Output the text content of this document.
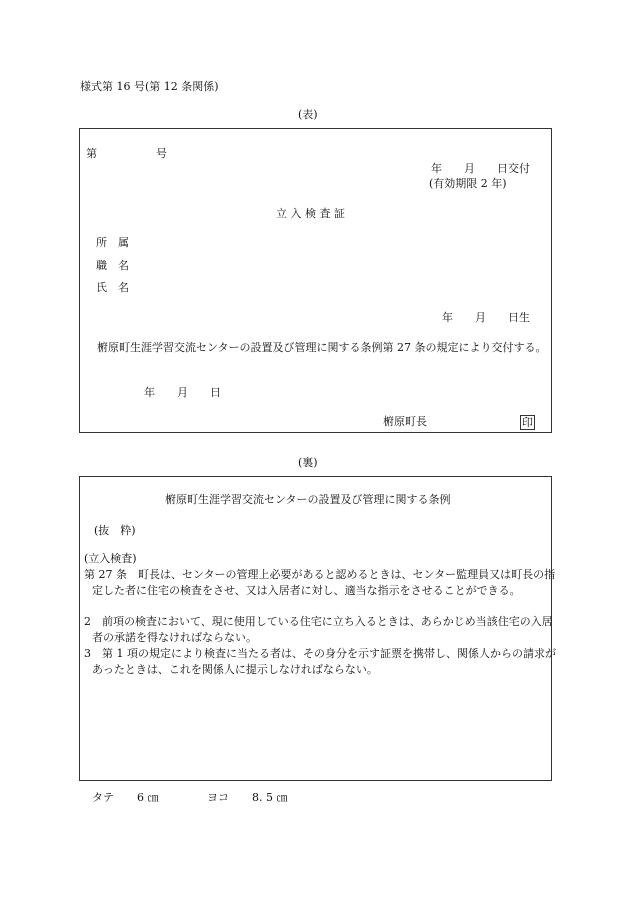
様式第 16 号(第 12 条関係)
(表)
第	号
年　　月　　日交付
(有効期限 2 年)
立 入 検 査 証
所　属
職　名
氏　名
年　　月　　日生
椨原町生涯学習交流センターの設置及び管理に関する条例第 27 条の規定により交付する。
年　　月　　日
椨原町長	印
(裏)
椨原町生涯学習交流センターの設置及び管理に関する条例
(抜　粋)
(立入検査)
第 27 条　町長は、センターの管理上必要があると認めるときは、センター監理員又は町長の指定した者に住宅の検査をさせ、又は入居者に対し、適当な指示をさせることができる。
2　前項の検査において、現に使用している住宅に立ち入るときは、あらかじめ当該住宅の入居者の承諾を得なければならない。
3　第 1 項の規定により検査に当たる者は、その身分を示す証票を携帯し、関係人からの請求があったときは、これを関係人に提示しなければならない。
タテ 6 ㎝	ヨコ 8. 5 ㎝
